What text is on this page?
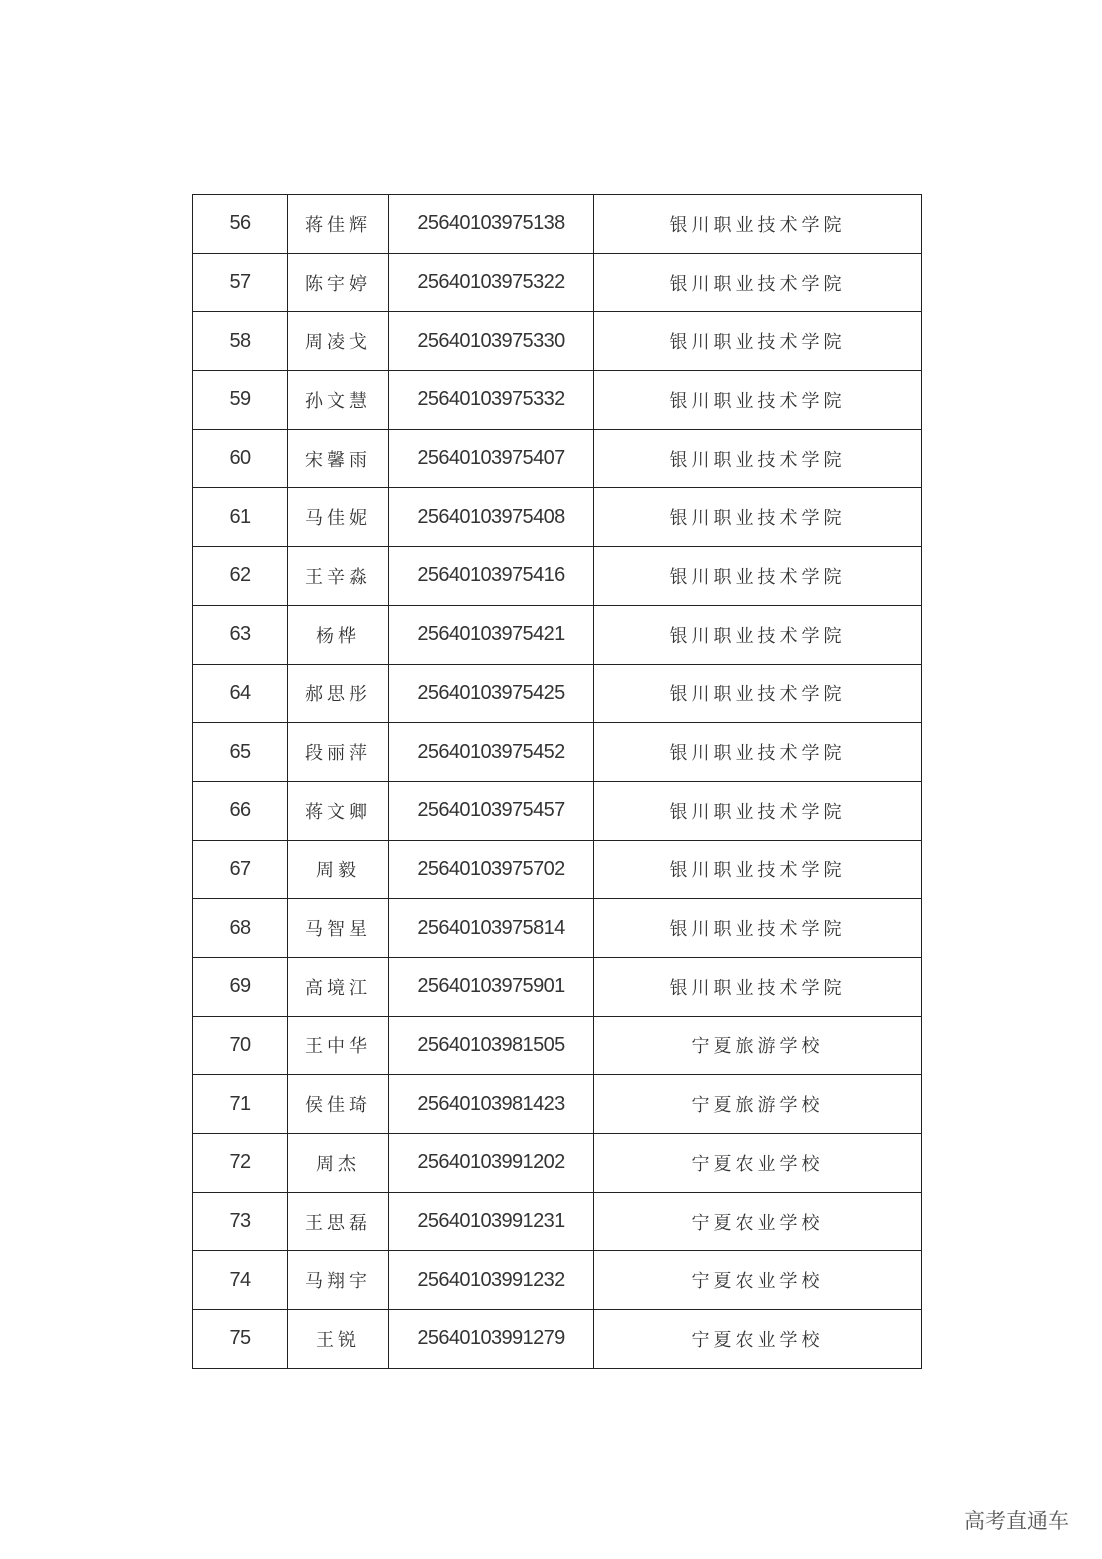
56	蒋佳辉	25640103975138	银川职业技术学院
57	陈宇婷	25640103975322	银川职业技术学院
58	周凌戈	25640103975330	银川职业技术学院
59	孙文慧	25640103975332	银川职业技术学院
60	宋馨雨	25640103975407	银川职业技术学院
61	马佳妮	25640103975408	银川职业技术学院
62	王辛淼	25640103975416	银川职业技术学院
63	杨桦	25640103975421	银川职业技术学院
64	郝思彤	25640103975425	银川职业技术学院
65	段丽萍	25640103975452	银川职业技术学院
66	蒋文卿	25640103975457	银川职业技术学院
67	周毅	25640103975702	银川职业技术学院
68	马智星	25640103975814	银川职业技术学院
69	高境江	25640103975901	银川职业技术学院
70	王中华	25640103981505	宁夏旅游学校
71	侯佳琦	25640103981423	宁夏旅游学校
72	周杰	25640103991202	宁夏农业学校
73	王思磊	25640103991231	宁夏农业学校
74	马翔宇	25640103991232	宁夏农业学校
75	王锐	25640103991279	宁夏农业学校
高考直通车
